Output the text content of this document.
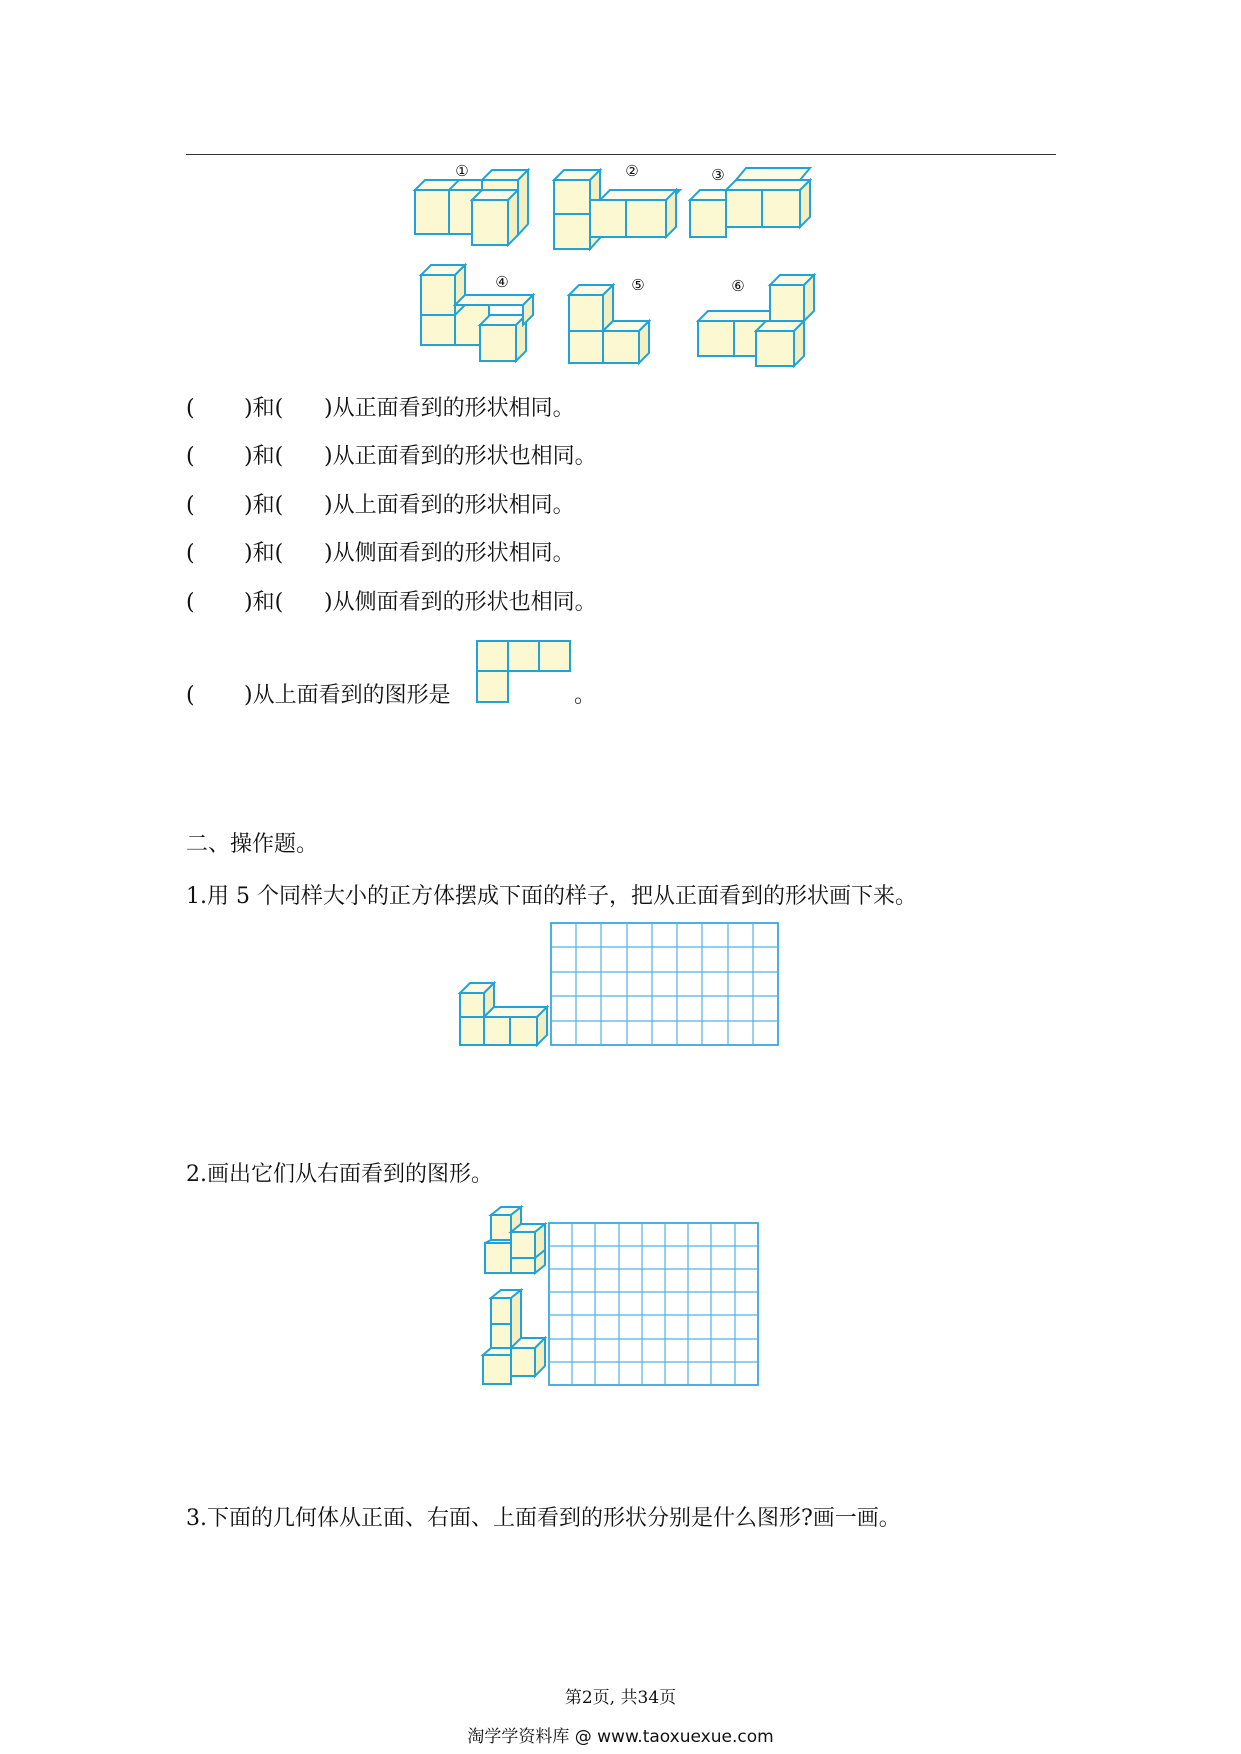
①	②	③
④	⑤	⑥
( )和( )从正面看到的形状相同。
( )和( )从正面看到的形状也相同。
( )和( )从上面看到的形状相同。
( )和( )从侧面看到的形状相同。
( )和( )从侧面看到的形状也相同。
( )从上面看到的图形是	。
二、操作题。
1.用 5 个同样大小的正方体摆成下面的样子，把从正面看到的形状画下来。
2.画出它们从右面看到的图形。
3.下面的几何体从正面、右面、上面看到的形状分别是什么图形?画一画。
第2页, 共34页
淘学学资料库 @ www.taoxuexue.com
